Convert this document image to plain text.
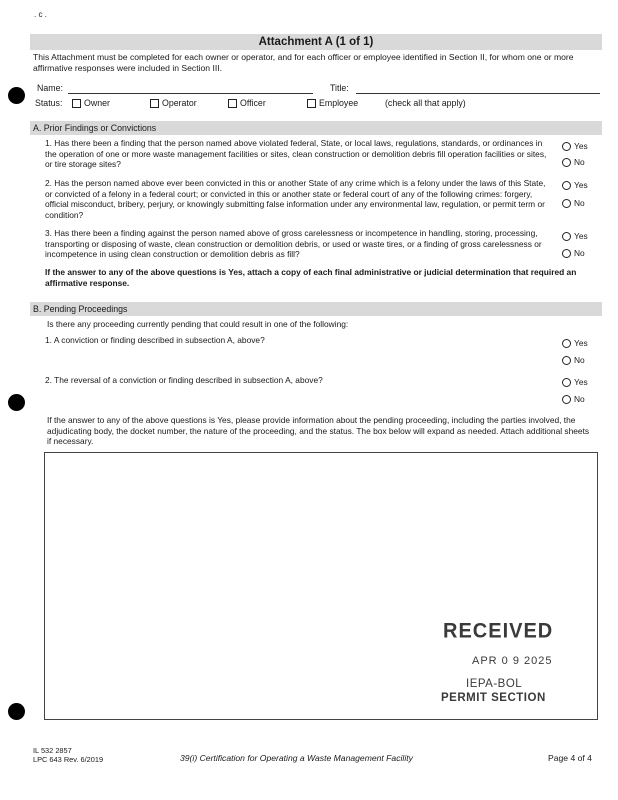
. c .
Attachment A (1 of 1)
This Attachment must be completed for each owner or operator, and for each officer or employee identified in Section II, for whom one or more affirmative responses were included in Section III.
Name:	Title:
Status: Owner	Operator	Officer	Employee	(check all that apply)
A. Prior Findings or Convictions
1. Has there been a finding that the person named above violated federal, State, or local laws, regulations, standards, or ordinances in the operation of one or more waste management facilities or sites, clean construction or demolition debris fill operation facilities or sites, or tire storage sites?
Yes
No
2. Has the person named above ever been convicted in this or another State of any crime which is a felony under the laws of this State, or convicted of a felony in a federal court; or convicted in this or another state or federal court of any of the following crimes: forgery, official misconduct, bribery, perjury, or knowingly submitting false information under any environmental law, regulation, or permit term or condition?
Yes
No
3. Has there been a finding against the person named above of gross carelessness or incompetence in handling, storing, processing, transporting or disposing of waste, clean construction or demolition debris, or used or waste tires, or a finding of gross carelessness or incompetence in using clean construction or demolition debris as fill?
Yes
No
If the answer to any of the above questions is Yes, attach a copy of each final administrative or judicial determination that required an affirmative response.
B. Pending Proceedings
Is there any proceeding currently pending that could result in one of the following:
1. A conviction or finding described in subsection A, above?	Yes
No
2. The reversal of a conviction or finding described in subsection A, above?	Yes
No
If the answer to any of the above questions is Yes, please provide information about the pending proceeding, including the parties involved, the adjudicating body, the docket number, the nature of the proceeding, and the status. The box below will expand as needed. Attach additional sheets if necessary.
RECEIVED
APR 0 9 2025
IEPA-BOL
PERMIT SECTION
IL 532 2857
LPC 643 Rev. 6/2019	39(i) Certification for Operating a Waste Management Facility	Page 4 of 4
